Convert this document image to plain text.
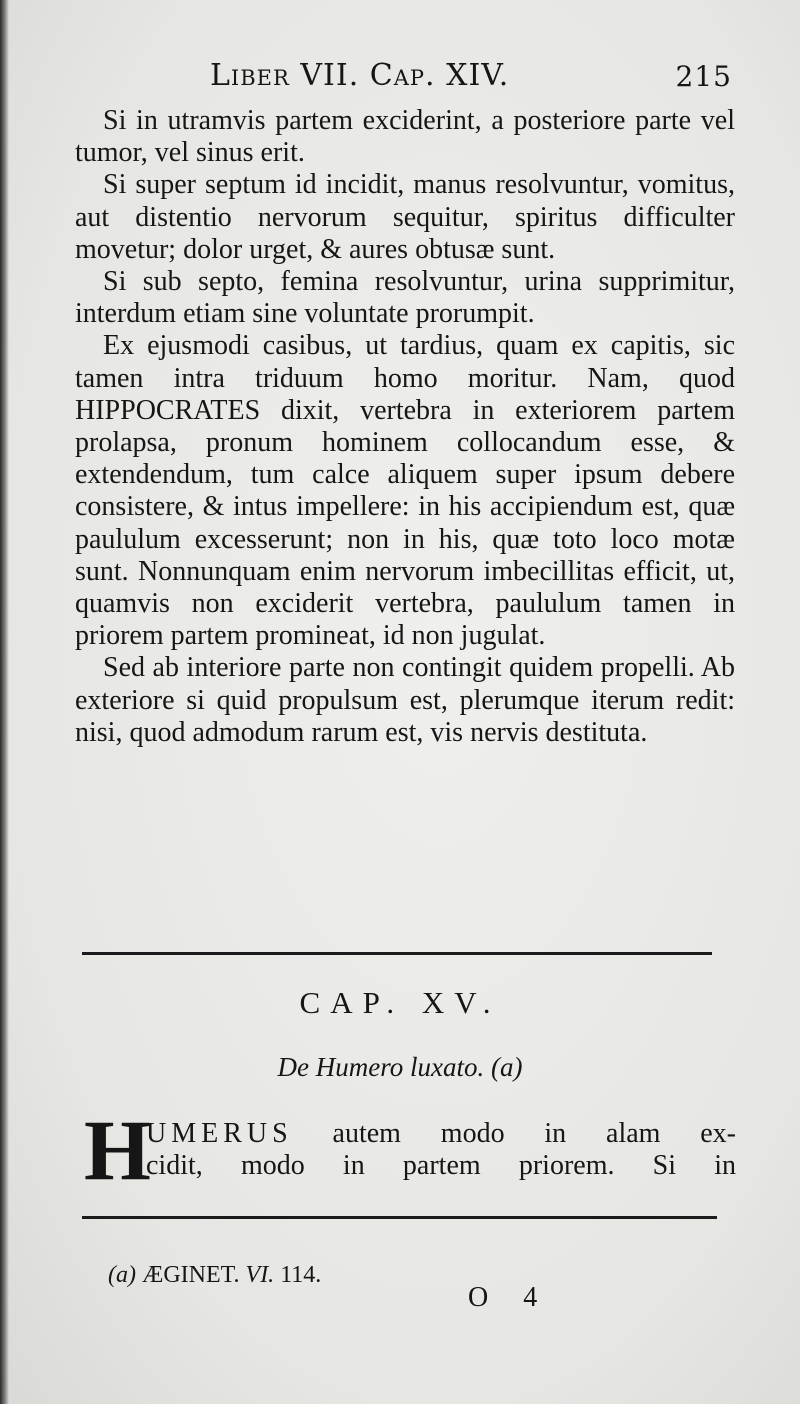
Liber VII. Cap. XIV.	215

Si in utramvis partem exciderint, a posteriore parte vel tumor, vel sinus erit.

Si super septum id incidit, manus resolvuntur, vomitus, aut distentio nervorum sequitur, spiritus difficulter movetur; dolor urget, & aures obtusæ sunt.

Si sub septo, femina resolvuntur, urina supprimitur, interdum etiam sine voluntate prorumpit.

Ex ejusmodi casibus, ut tardius, quam ex capitis, sic tamen intra triduum homo moritur. Nam, quod HIPPOCRATES dixit, vertebra in exteriorem partem prolapsa, pronum hominem collocandum esse, & extendendum, tum calce aliquem super ipsum debere consistere, & intus impellere: in his accipiendum est, quæ paululum excesserunt; non in his, quæ toto loco motæ sunt. Nonnunquam enim nervorum imbecillitas efficit, ut, quamvis non exciderit vertebra, paululum tamen in priorem partem promineat, id non jugulat.

Sed ab interiore parte non contingit quidem propelli. Ab exteriore si quid propulsum est, plerumque iterum redit: nisi, quod admodum rarum est, vis nervis destituta.

CAP. XV.
De Humero luxato. (a)
H
UMERUS autem modo in alam ex-
cidit, modo in partem priorem. Si in
(a) ÆGINET. VI. 114.
O 4
